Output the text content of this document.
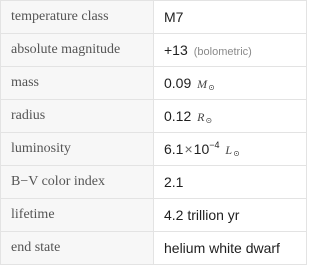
temperature class	M7
absolute magnitude	+13 (bolometric)
mass	0.09 M⊙
radius	0.12 R⊙
luminosity	$6.1\times 10^{-4}$ L⊙
B−V color index	2.1
lifetime	4.2 trillion yr
end state	helium white dwarf
